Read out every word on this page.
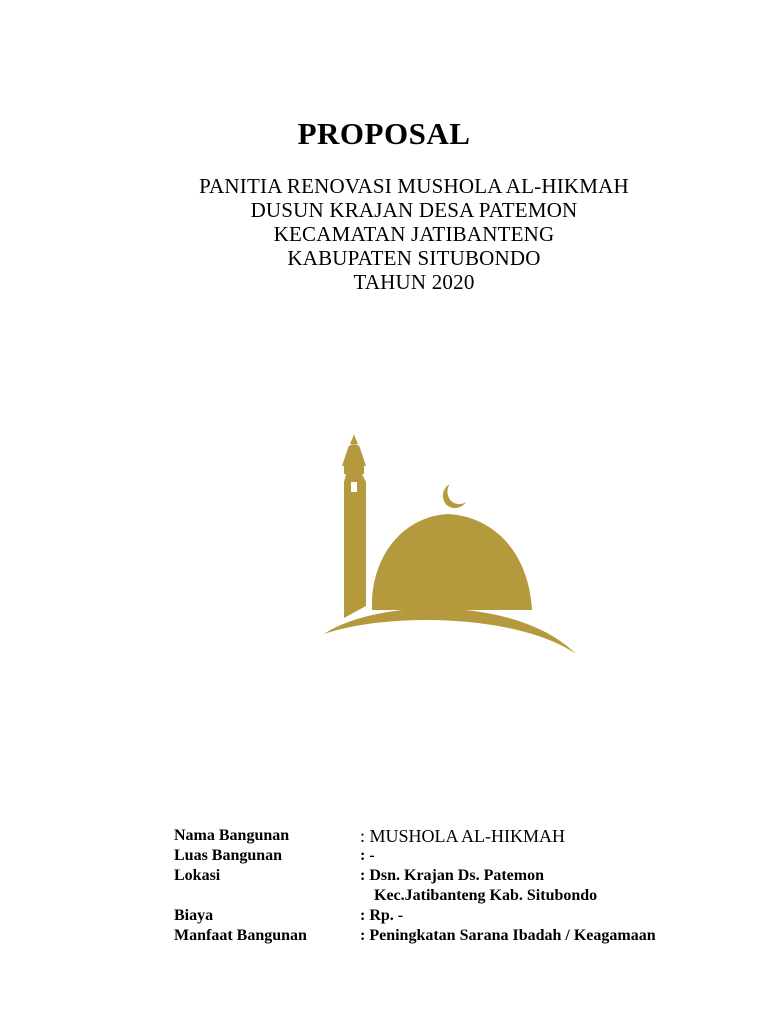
PROPOSAL
PANITIA RENOVASI MUSHOLA AL-HIKMAH
DUSUN KRAJAN DESA PATEMON
KECAMATAN JATIBANTENG
KABUPATEN SITUBONDO
TAHUN 2020
Nama Bangunan	: MUSHOLA AL-HIKMAH
Luas Bangunan	: -
Lokasi	: Dsn. Krajan Ds. Patemon
Kec.Jatibanteng Kab. Situbondo
Biaya	: Rp. -
Manfaat Bangunan	: Peningkatan Sarana Ibadah / Keagamaan
